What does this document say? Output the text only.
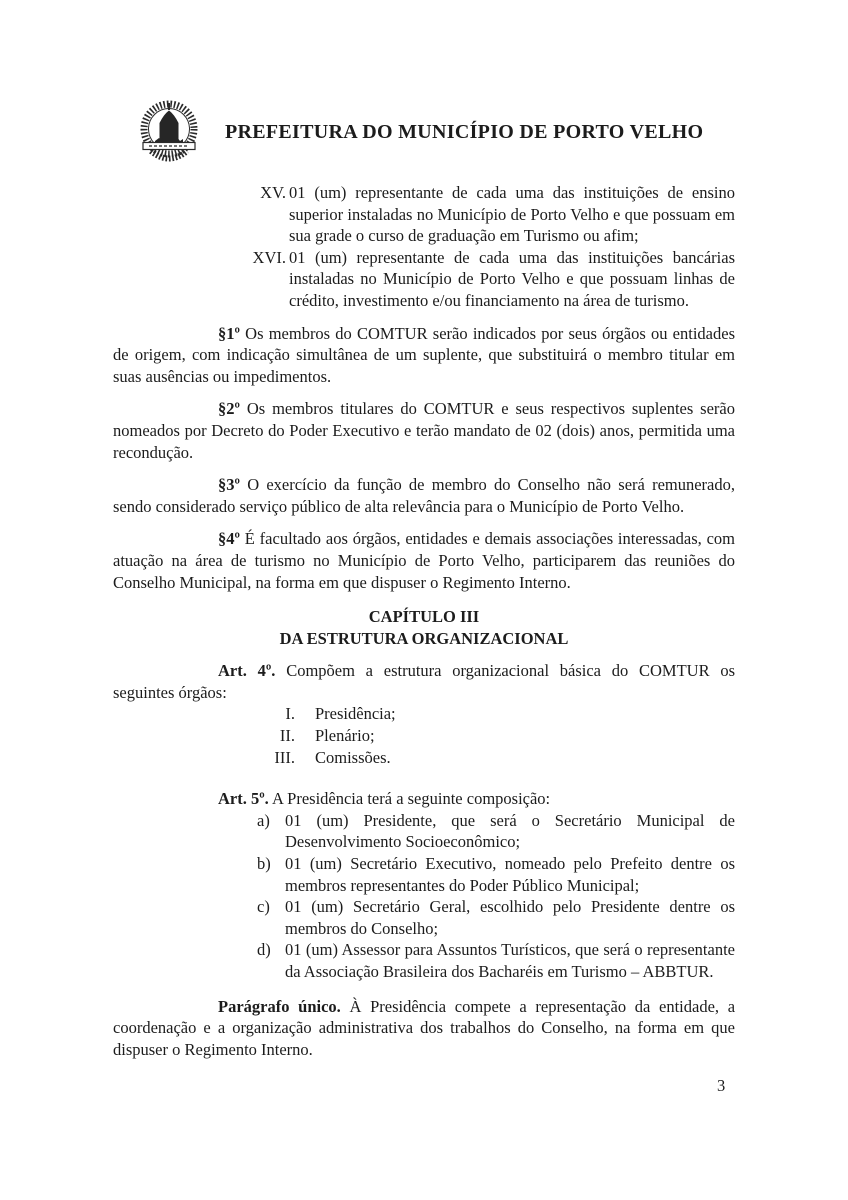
PREFEITURA DO MUNICÍPIO DE PORTO VELHO
XV. 01 (um) representante de cada uma das instituições de ensino superior instaladas no Município de Porto Velho e que possuam em sua grade o curso de graduação em Turismo ou afim;
XVI. 01 (um) representante de cada uma das instituições bancárias instaladas no Município de Porto Velho e que possuam linhas de crédito, investimento e/ou financiamento na área de turismo.

§1º Os membros do COMTUR serão indicados por seus órgãos ou entidades de origem, com indicação simultânea de um suplente, que substituirá o membro titular em suas ausências ou impedimentos.

§2º Os membros titulares do COMTUR e seus respectivos suplentes serão nomeados por Decreto do Poder Executivo e terão mandato de 02 (dois) anos, permitida uma recondução.

§3º O exercício da função de membro do Conselho não será remunerado, sendo considerado serviço público de alta relevância para o Município de Porto Velho.

§4º É facultado aos órgãos, entidades e demais associações interessadas, com atuação na área de turismo no Município de Porto Velho, participarem das reuniões do Conselho Municipal, na forma em que dispuser o Regimento Interno.

CAPÍTULO III
DA ESTRUTURA ORGANIZACIONAL

Art. 4º. Compõem a estrutura organizacional básica do COMTUR os seguintes órgãos:

I.	Presidência;
II.	Plenário;
III.	Comissões.

Art. 5º. A Presidência terá a seguinte composição:

a) 01 (um) Presidente, que será o Secretário Municipal de Desenvolvimento Socioeconômico;
b) 01 (um) Secretário Executivo, nomeado pelo Prefeito dentre os membros representantes do Poder Público Municipal;
c) 01 (um) Secretário Geral, escolhido pelo Presidente dentre os membros do Conselho;
d) 01 (um) Assessor para Assuntos Turísticos, que será o representante da Associação Brasileira dos Bacharéis em Turismo – ABBTUR.

Parágrafo único. À Presidência compete a representação da entidade, a coordenação e a organização administrativa dos trabalhos do Conselho, na forma em que dispuser o Regimento Interno.

3
